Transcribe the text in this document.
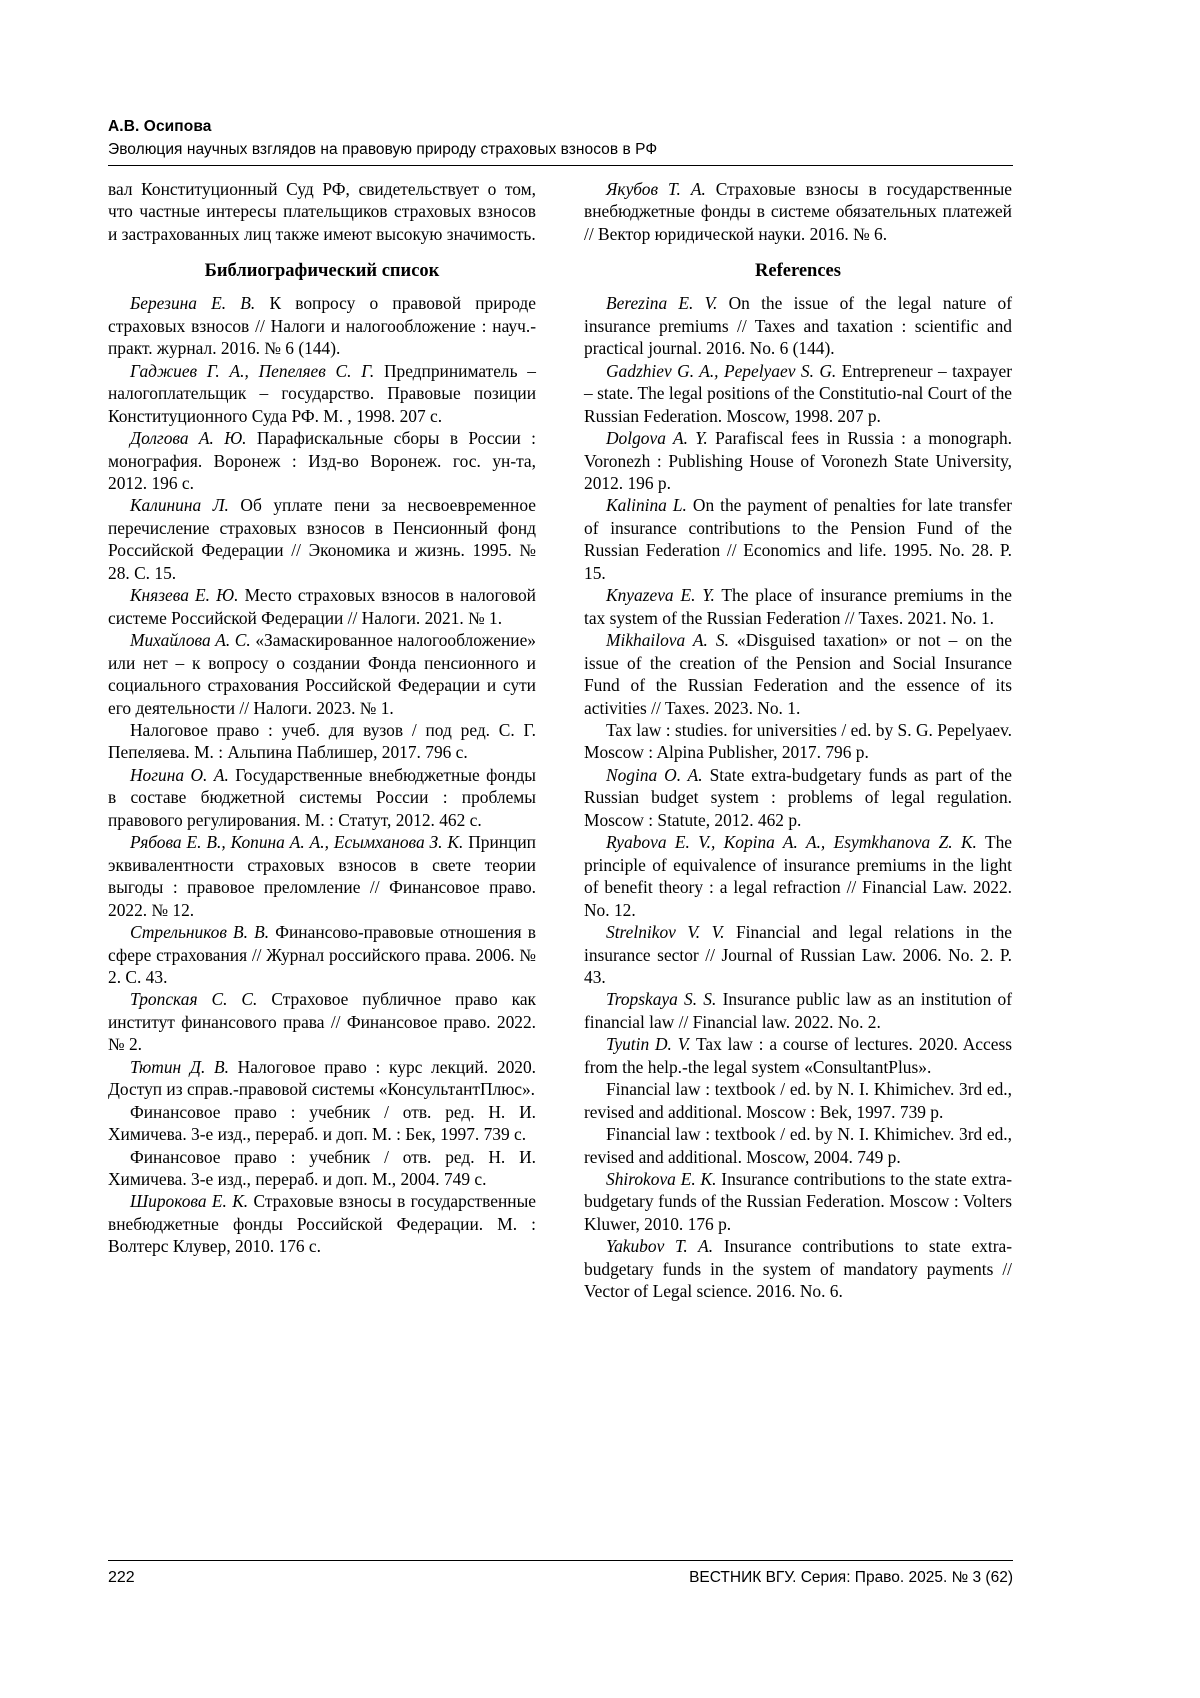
А.В. Осипова
Эволюция научных взглядов на правовую природу страховых взносов в РФ

вал Конституционный Суд РФ, свидетельствует о том, что частные интересы плательщиков страховых взносов и застрахованных лиц также имеют высокую значимость.

Библиографический список

Березина Е. В. К вопросу о правовой природе страховых взносов // Налоги и налогообложение : науч.-практ. журнал. 2016. № 6 (144).

Гаджиев Г. А., Пепеляев С. Г. Предприниматель – налогоплательщик – государство. Правовые позиции Конституционного Суда РФ. М. , 1998. 207 с.

Долгова А. Ю. Парафискальные сборы в России : монография. Воронеж : Изд-во Воронеж. гос. ун-та, 2012. 196 с.

Калинина Л. Об уплате пени за несвоевременное перечисление страховых взносов в Пенсионный фонд Российской Федерации // Экономика и жизнь. 1995. № 28. С. 15.

Князева Е. Ю. Место страховых взносов в налоговой системе Российской Федерации // Налоги. 2021. № 1.

Михайлова А. С. «Замаскированное налогообложение» или нет – к вопросу о создании Фонда пенсионного и социального страхования Российской Федерации и сути его деятельности // Налоги. 2023. № 1.

Налоговое право : учеб. для вузов / под ред. С. Г. Пепеляева. М. : Альпина Паблишер, 2017. 796 с.

Ногина О. А. Государственные внебюджетные фонды в составе бюджетной системы России : проблемы правового регулирования. М. : Статут, 2012. 462 с.

Рябова Е. В., Копина А. А., Есымханова З. К. Принцип эквивалентности страховых взносов в свете теории выгоды : правовое преломление // Финансовое право. 2022. № 12.

Стрельников В. В. Финансово-правовые отношения в сфере страхования // Журнал российского права. 2006. № 2. С. 43.

Тропская С. С. Страховое публичное право как институт финансового права // Финансовое право. 2022. № 2.

Тютин Д. В. Налоговое право : курс лекций. 2020. Доступ из справ.-правовой системы «КонсультантПлюс».

Финансовое право : учебник / отв. ред. Н. И. Химичева. 3-е изд., перераб. и доп. М. : Бек, 1997. 739 с.

Финансовое право : учебник / отв. ред. Н. И. Химичева. 3-е изд., перераб. и доп. М., 2004. 749 с.

Широкова Е. К. Страховые взносы в государственные внебюджетные фонды Российской Федерации. М. : Волтерс Клувер, 2010. 176 с.

Якубов Т. А. Страховые взносы в государственные внебюджетные фонды в системе обязательных платежей // Вектор юридической науки. 2016. № 6.

References

Berezina E. V. On the issue of the legal nature of insurance premiums // Taxes and taxation : scientific and practical journal. 2016. No. 6 (144).

Gadzhiev G. A., Pepelyaev S. G. Entrepreneur – taxpayer – state. The legal positions of the Constitutio-nal Court of the Russian Federation. Moscow, 1998. 207 p.

Dolgova A. Y. Parafiscal fees in Russia : a monograph. Voronezh : Publishing House of Voronezh State University, 2012. 196 p.

Kalinina L. On the payment of penalties for late transfer of insurance contributions to the Pension Fund of the Russian Federation // Economics and life. 1995. No. 28. P. 15.

Knyazeva E. Y. The place of insurance premiums in the tax system of the Russian Federation // Taxes. 2021. No. 1.

Mikhailova A. S. «Disguised taxation» or not – on the issue of the creation of the Pension and Social Insurance Fund of the Russian Federation and the essence of its activities // Taxes. 2023. No. 1.

Tax law : studies. for universities / ed. by S. G. Pepelyaev. Moscow : Alpina Publisher, 2017. 796 p.

Nogina O. A. State extra-budgetary funds as part of the Russian budget system : problems of legal regulation. Moscow : Statute, 2012. 462 p.

Ryabova E. V., Kopina A. A., Esymkhanova Z. K. The principle of equivalence of insurance premiums in the light of benefit theory : a legal refraction // Financial Law. 2022. No. 12.

Strelnikov V. V. Financial and legal relations in the insurance sector // Journal of Russian Law. 2006. No. 2. P. 43.

Tropskaya S. S. Insurance public law as an institution of financial law // Financial law. 2022. No. 2.

Tyutin D. V. Tax law : a course of lectures. 2020. Access from the help.-the legal system «ConsultantPlus».

Financial law : textbook / ed. by N. I. Khimichev. 3rd ed., revised and additional. Moscow : Bek, 1997. 739 p.

Financial law : textbook / ed. by N. I. Khimichev. 3rd ed., revised and additional. Moscow, 2004. 749 p.

Shirokova E. K. Insurance contributions to the state extra-budgetary funds of the Russian Federation. Moscow : Volters Kluwer, 2010. 176 p.

Yakubov T. A. Insurance contributions to state extra-budgetary funds in the system of mandatory payments // Vector of Legal science. 2016. No. 6.

222	ВЕСТНИК ВГУ. Серия: Право. 2025. № 3 (62)
